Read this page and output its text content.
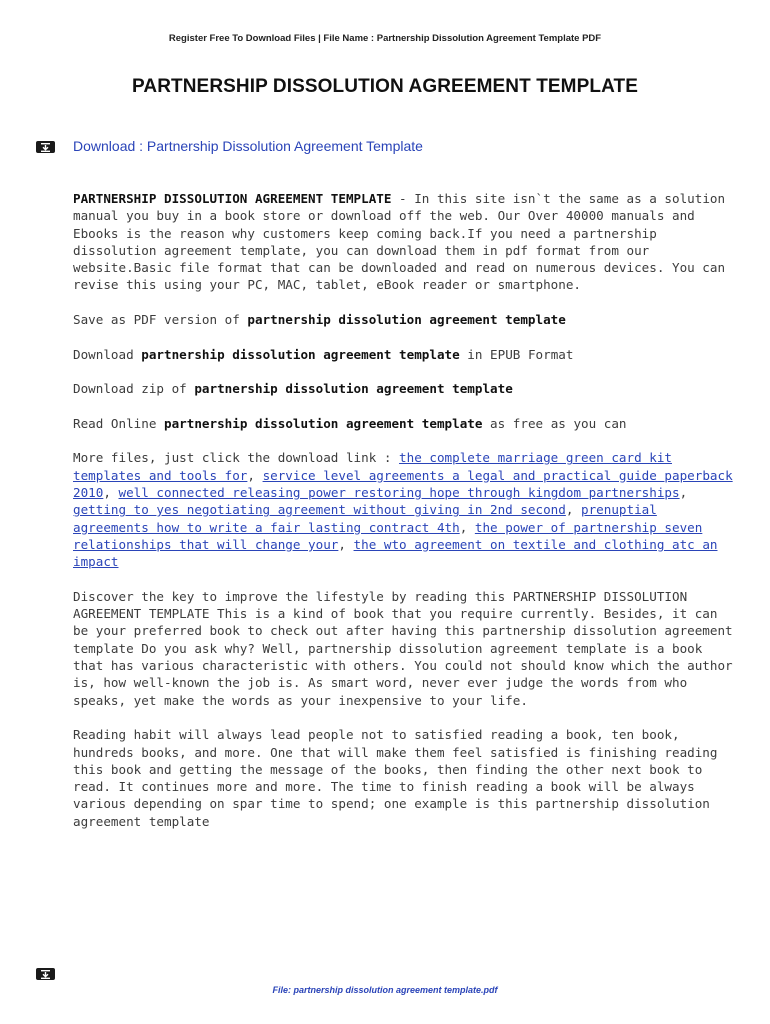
Register Free To Download Files | File Name : Partnership Dissolution Agreement Template PDF
PARTNERSHIP DISSOLUTION AGREEMENT TEMPLATE
Download : Partnership Dissolution Agreement Template

PARTNERSHIP DISSOLUTION AGREEMENT TEMPLATE - In this site isn`t the same as a solution manual you buy in a book store or download off the web. Our Over 40000 manuals and Ebooks is the reason why customers keep coming back.If you need a partnership dissolution agreement template, you can download them in pdf format from our website.Basic file format that can be downloaded and read on numerous devices. You can revise this using your PC, MAC, tablet, eBook reader or smartphone.

Save as PDF version of partnership dissolution agreement template

Download partnership dissolution agreement template in EPUB Format

Download zip of partnership dissolution agreement template

Read Online partnership dissolution agreement template as free as you can

More files, just click the download link : the complete marriage green card kit templates and tools for, service level agreements a legal and practical guide paperback 2010, well connected releasing power restoring hope through kingdom partnerships, getting to yes negotiating agreement without giving in 2nd second, prenuptial agreements how to write a fair lasting contract 4th, the power of partnership seven relationships that will change your, the wto agreement on textile and clothing atc an impact

Discover the key to improve the lifestyle by reading this PARTNERSHIP DISSOLUTION AGREEMENT TEMPLATE This is a kind of book that you require currently. Besides, it can be your preferred book to check out after having this partnership dissolution agreement template Do you ask why? Well, partnership dissolution agreement template is a book that has various characteristic with others. You could not should know which the author is, how well-known the job is. As smart word, never ever judge the words from who speaks, yet make the words as your inexpensive to your life.

Reading habit will always lead people not to satisfied reading a book, ten book, hundreds books, and more. One that will make them feel satisfied is finishing reading this book and getting the message of the books, then finding the other next book to read. It continues more and more. The time to finish reading a book will be always various depending on spar time to spend; one example is this partnership dissolution agreement template

File: partnership dissolution agreement template.pdf
